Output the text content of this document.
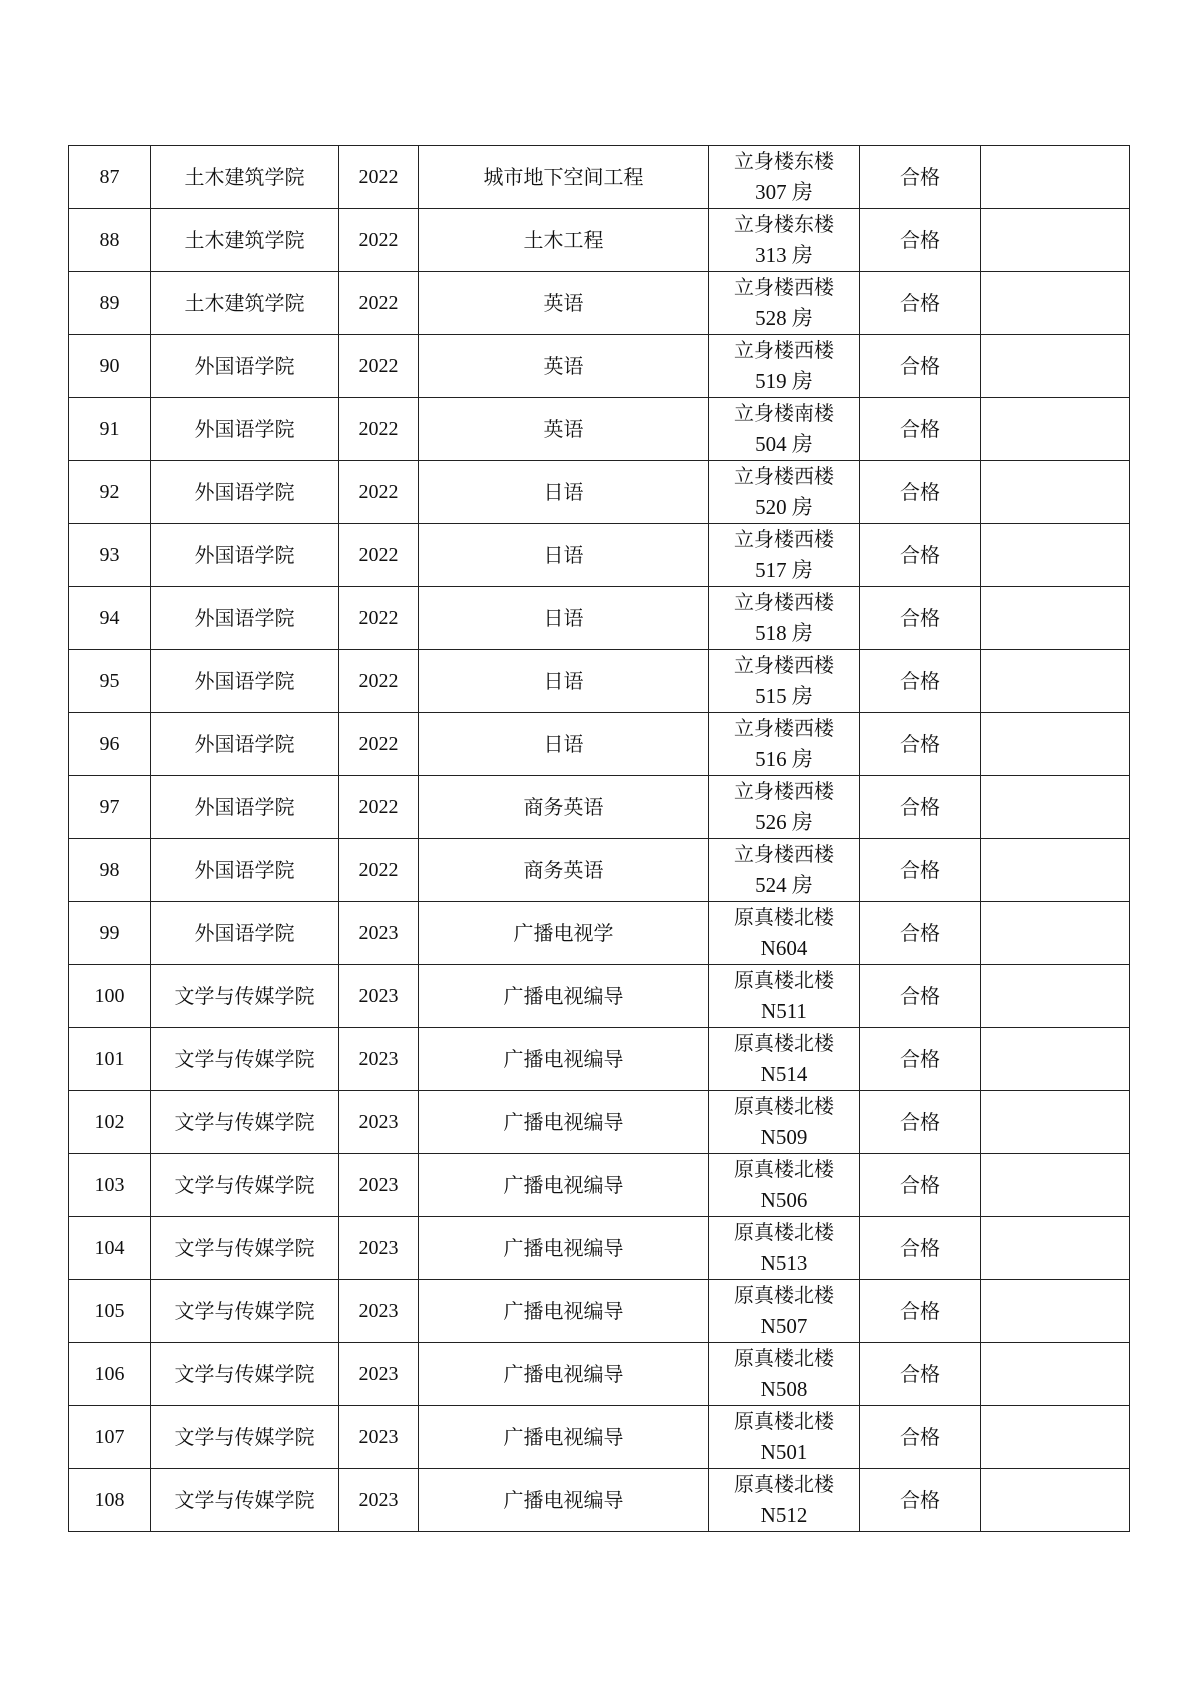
87	土木建筑学院	2022	城市地下空间工程	立身楼东楼
307 房	合格	
88	土木建筑学院	2022	土木工程	立身楼东楼
313 房	合格	
89	土木建筑学院	2022	英语	立身楼西楼
528 房	合格	
90	外国语学院	2022	英语	立身楼西楼
519 房	合格	
91	外国语学院	2022	英语	立身楼南楼
504 房	合格	
92	外国语学院	2022	日语	立身楼西楼
520 房	合格	
93	外国语学院	2022	日语	立身楼西楼
517 房	合格	
94	外国语学院	2022	日语	立身楼西楼
518 房	合格	
95	外国语学院	2022	日语	立身楼西楼
515 房	合格	
96	外国语学院	2022	日语	立身楼西楼
516 房	合格	
97	外国语学院	2022	商务英语	立身楼西楼
526 房	合格	
98	外国语学院	2022	商务英语	立身楼西楼
524 房	合格	
99	外国语学院	2023	广播电视学	原真楼北楼
N604	合格	
100	文学与传媒学院	2023	广播电视编导	原真楼北楼
N511	合格	
101	文学与传媒学院	2023	广播电视编导	原真楼北楼
N514	合格	
102	文学与传媒学院	2023	广播电视编导	原真楼北楼
N509	合格	
103	文学与传媒学院	2023	广播电视编导	原真楼北楼
N506	合格	
104	文学与传媒学院	2023	广播电视编导	原真楼北楼
N513	合格	
105	文学与传媒学院	2023	广播电视编导	原真楼北楼
N507	合格	
106	文学与传媒学院	2023	广播电视编导	原真楼北楼
N508	合格	
107	文学与传媒学院	2023	广播电视编导	原真楼北楼
N501	合格	
108	文学与传媒学院	2023	广播电视编导	原真楼北楼
N512	合格	
